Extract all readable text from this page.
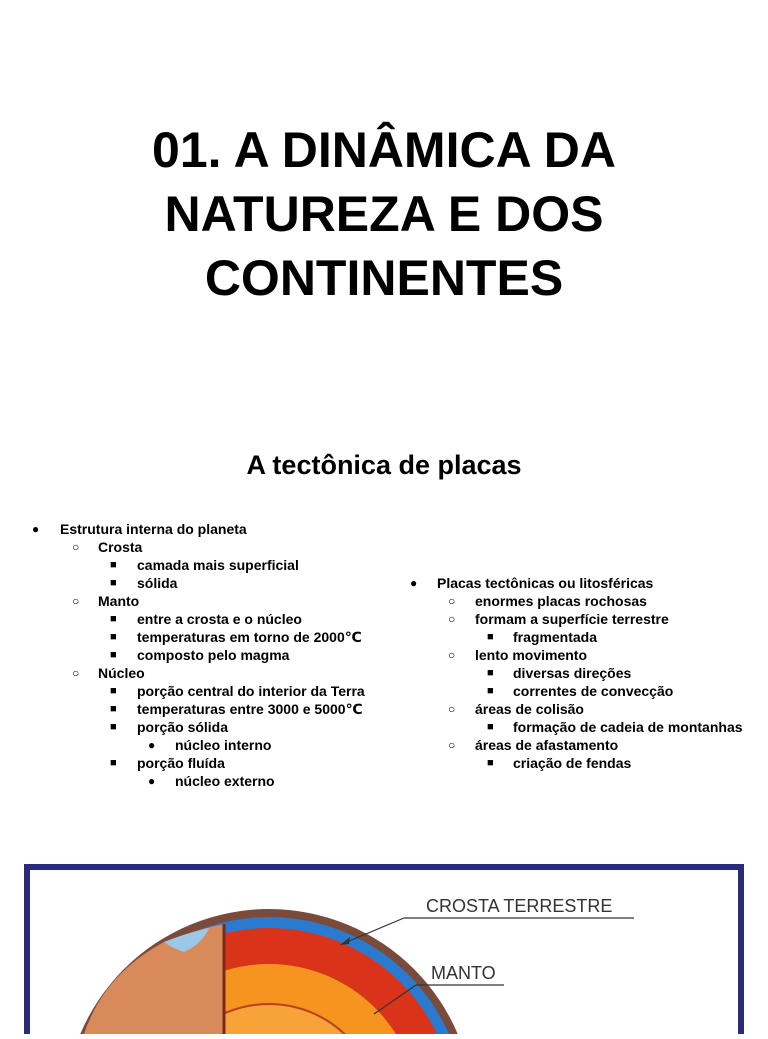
01. A DINÂMICA DA
NATUREZA E DOS
CONTINENTES
A tectônica de placas
● Estrutura interna do planeta
○ Crosta
■ camada mais superficial
■ sólida
○ Manto
■ entre a crosta e o núcleo
■ temperaturas em torno de 2000℃
■ composto pelo magma
○ Núcleo
■ porção central do interior da Terra
■ temperaturas entre 3000 e 5000℃
■ porção sólida
● núcleo interno
■ porção fluída
● núcleo externo
● Placas tectônicas ou litosféricas
○ enormes placas rochosas
○ formam a superfície terrestre
■ fragmentada
○ lento movimento
■ diversas direções
■ correntes de convecção
○ áreas de colisão
■ formação de cadeia de montanhas
○ áreas de afastamento
■ criação de fendas
CROSTA TERRESTRE
MANTO
